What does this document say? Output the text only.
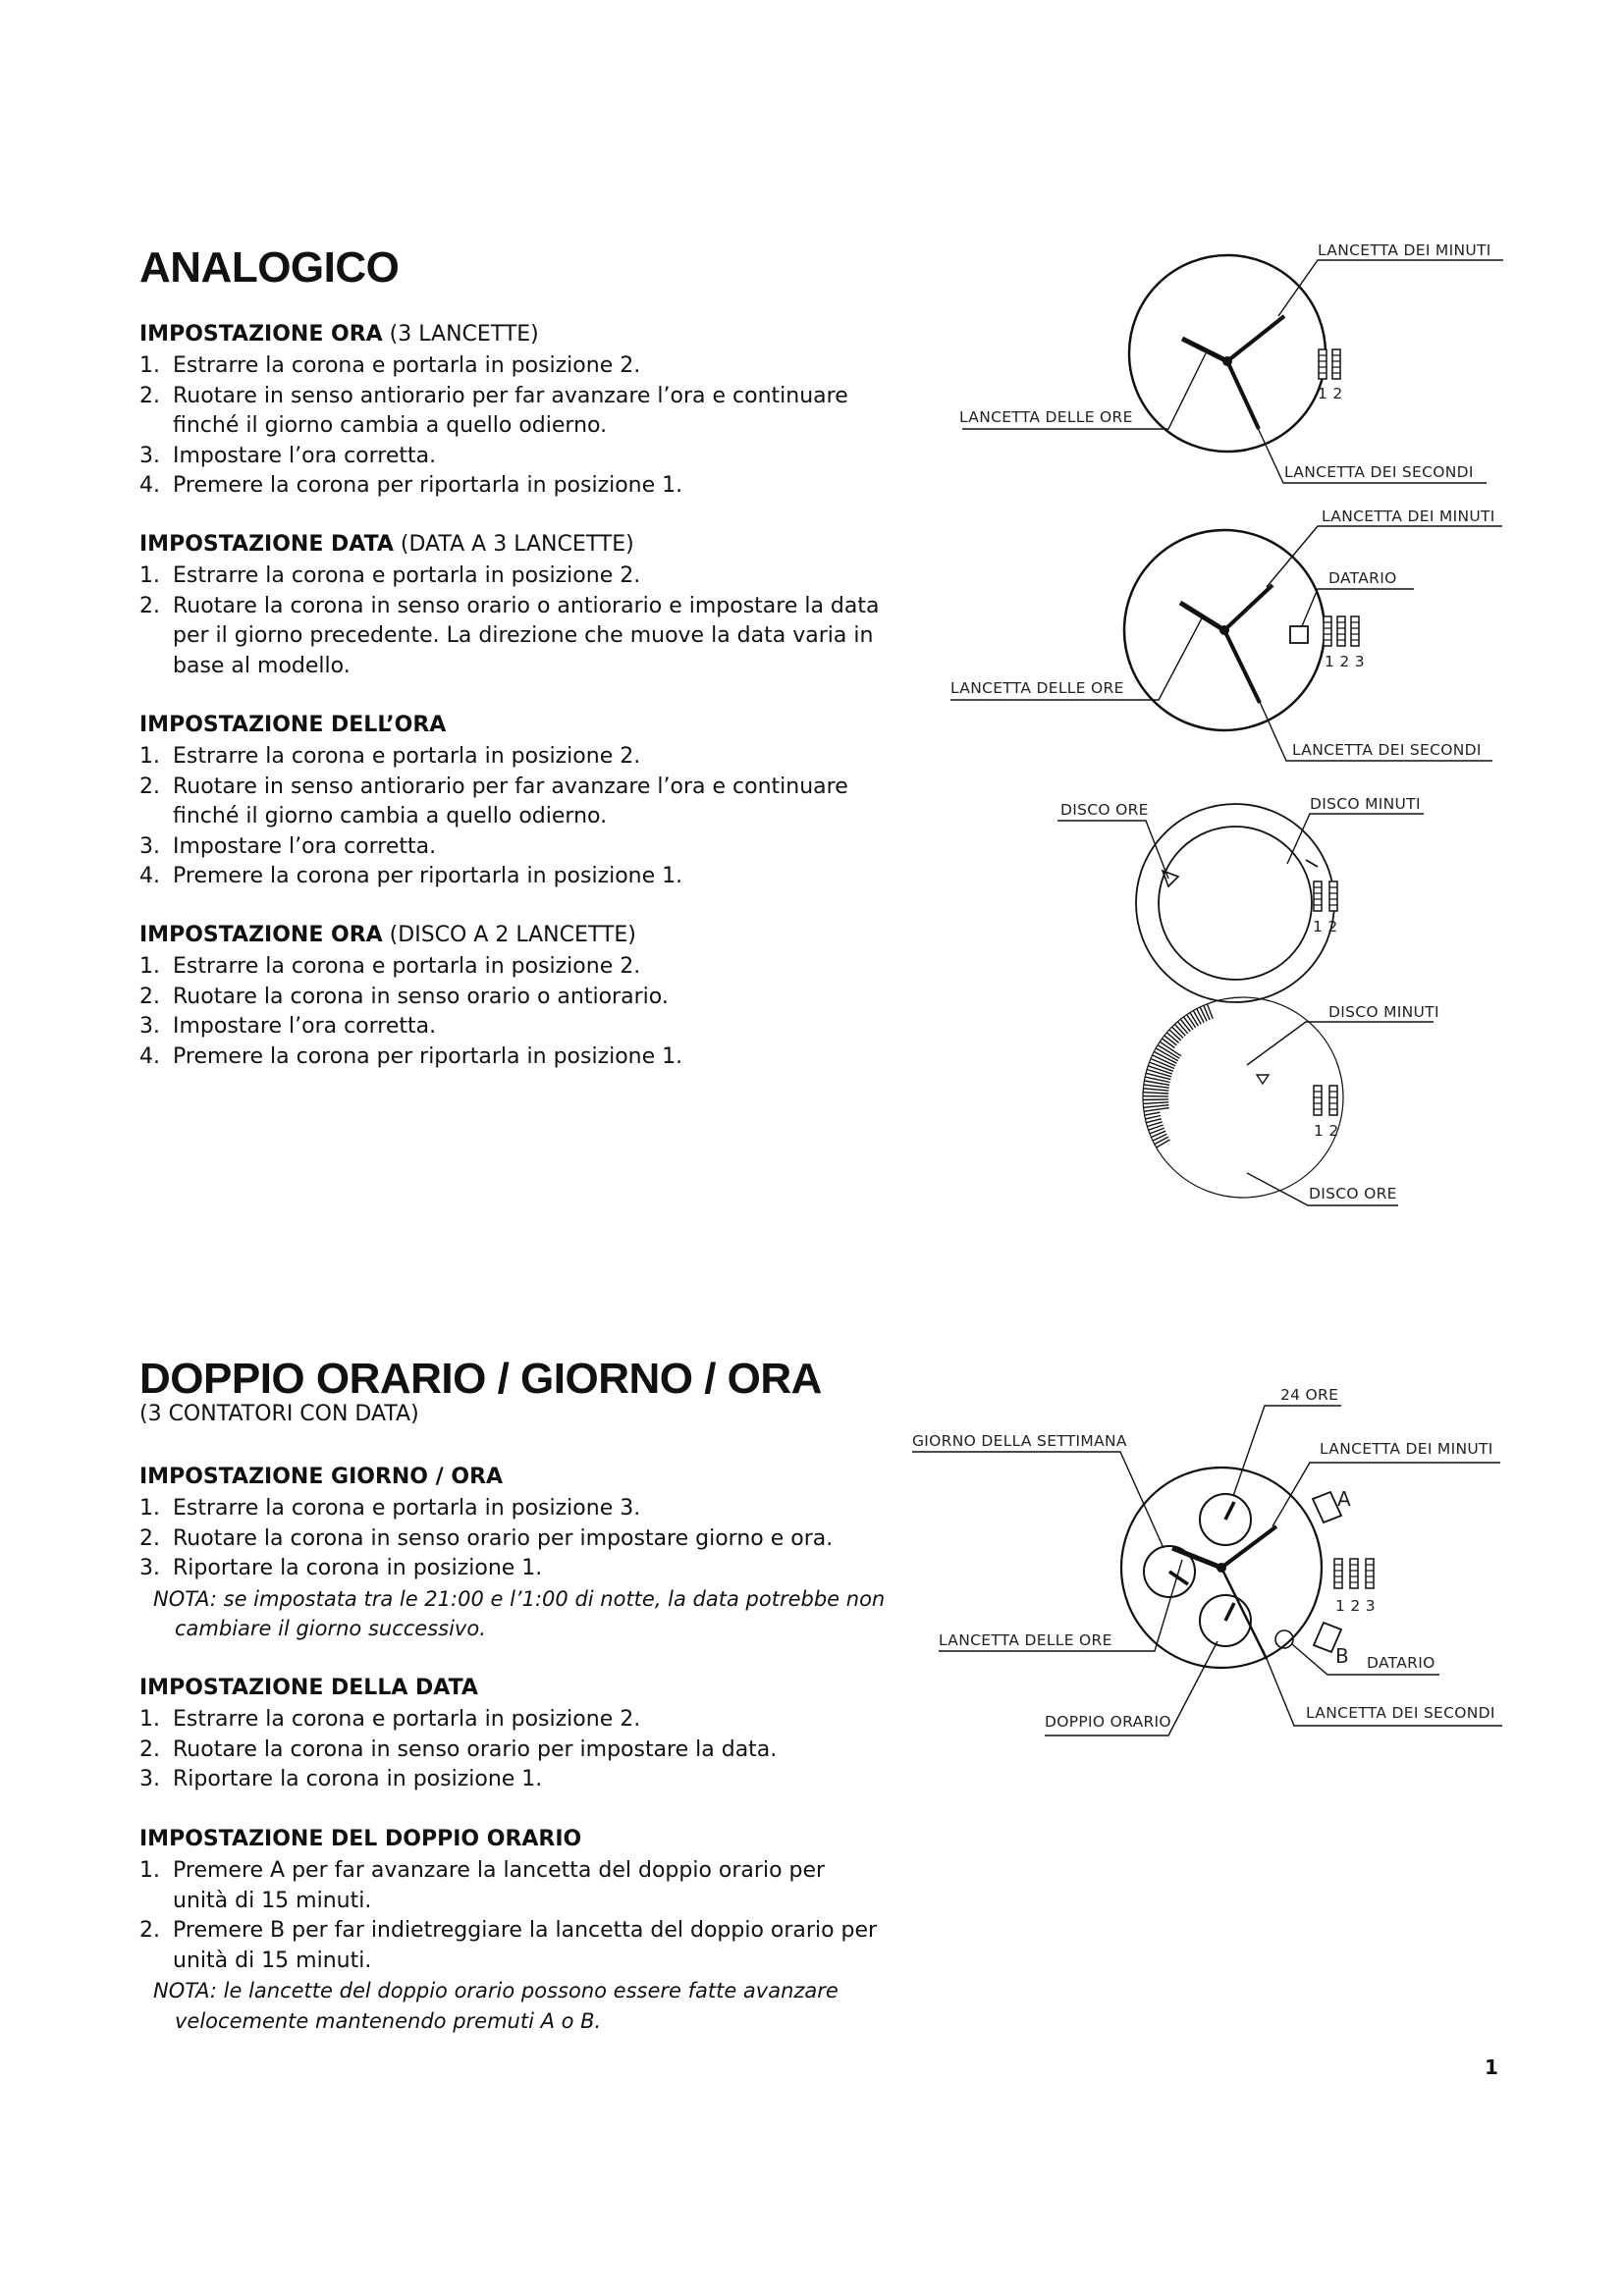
ANALOGICO
IMPOSTAZIONE ORA (3 LANCETTE)
1. Estrarre la corona e portarla in posizione 2.
2. Ruotare in senso antiorario per far avanzare l’ora e continuare finché il giorno cambia a quello odierno.
3. Impostare l’ora corretta.
4. Premere la corona per riportarla in posizione 1.
IMPOSTAZIONE DATA (DATA A 3 LANCETTE)
1. Estrarre la corona e portarla in posizione 2.
2. Ruotare la corona in senso orario o antiorario e impostare la data per il giorno precedente. La direzione che muove la data varia in base al modello.
IMPOSTAZIONE DELL’ORA
1. Estrarre la corona e portarla in posizione 2.
2. Ruotare in senso antiorario per far avanzare l’ora e continuare finché il giorno cambia a quello odierno.
3. Impostare l’ora corretta.
4. Premere la corona per riportarla in posizione 1.
IMPOSTAZIONE ORA (DISCO A 2 LANCETTE)
1. Estrarre la corona e portarla in posizione 2.
2. Ruotare la corona in senso orario o antiorario.
3. Impostare l’ora corretta.
4. Premere la corona per riportarla in posizione 1.
DOPPIO ORARIO / GIORNO / ORA

(3 CONTATORI CON DATA)

IMPOSTAZIONE GIORNO / ORA
1. Estrarre la corona e portarla in posizione 3.
2. Ruotare la corona in senso orario per impostare giorno e ora.
3. Riportare la corona in posizione 1.

NOTA: se impostata tra le 21:00 e l’1:00 di notte, la data potrebbe non cambiare il giorno successivo.

IMPOSTAZIONE DELLA DATA
1. Estrarre la corona e portarla in posizione 2.
2. Ruotare la corona in senso orario per impostare la data.
3. Riportare la corona in posizione 1.
IMPOSTAZIONE DEL DOPPIO ORARIO
1. Premere A per far avanzare la lancetta del doppio orario per unità di 15 minuti.
2. Premere B per far indietreggiare la lancetta del doppio orario per unità di 15 minuti.

NOTA: le lancette del doppio orario possono essere fatte avanzare velocemente mantenendo premuti A o B.

1
1 2
LANCETTA DEI MINUTI
LANCETTA DELLE ORE
LANCETTA DEI SECONDI
1 2 3
LANCETTA DEI MINUTI
DATARIO
LANCETTA DELLE ORE
LANCETTA DEI SECONDI
1 2
DISCO ORE	DISCO MINUTI
1 2
DISCO MINUTI
DISCO ORE
A
B
1 2 3
24 ORE
GIORNO DELLA SETTIMANA	LANCETTA DEI MINUTI
LANCETTA DELLE ORE
DATARIO
DOPPIO ORARIO	LANCETTA DEI SECONDI
